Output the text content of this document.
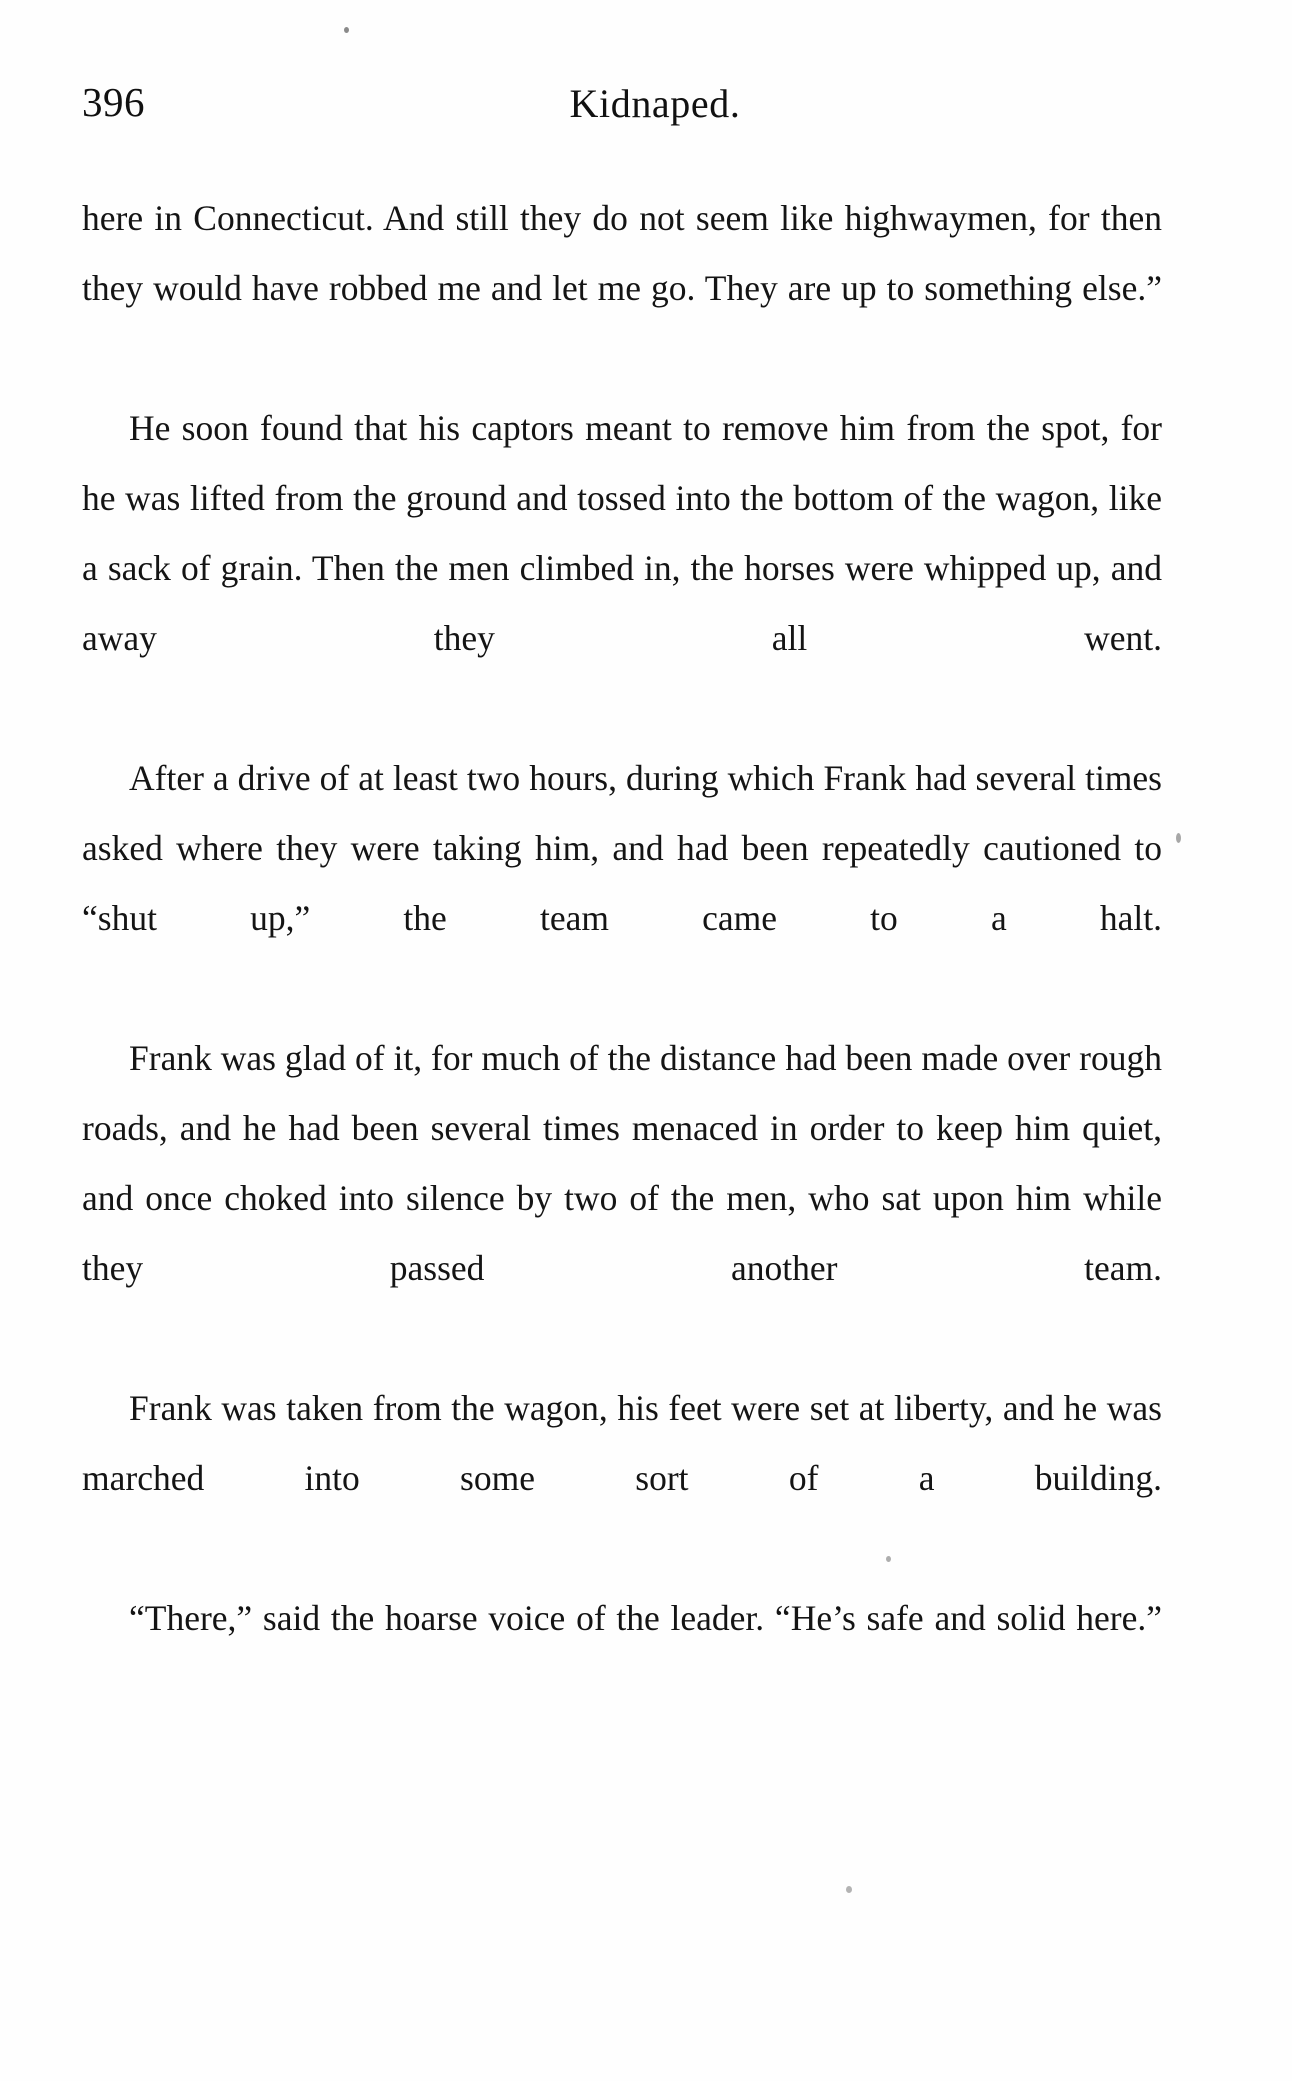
396	Kidnaped.

here in Connecticut. And still they do not seem like highwaymen, for then they would have robbed me and let me go. They are up to something else.”

He soon found that his captors meant to remove him from the spot, for he was lifted from the ground and tossed into the bottom of the wagon, like a sack of grain. Then the men climbed in, the horses were whipped up, and away they all went.

After a drive of at least two hours, during which Frank had several times asked where they were taking him, and had been repeatedly cautioned to “shut up,” the team came to a halt.

Frank was glad of it, for much of the distance had been made over rough roads, and he had been several times menaced in order to keep him quiet, and once choked into silence by two of the men, who sat upon him while they passed another team.

Frank was taken from the wagon, his feet were set at liberty, and he was marched into some sort of a building.

“There,” said the hoarse voice of the leader. “He’s safe and solid here.”
